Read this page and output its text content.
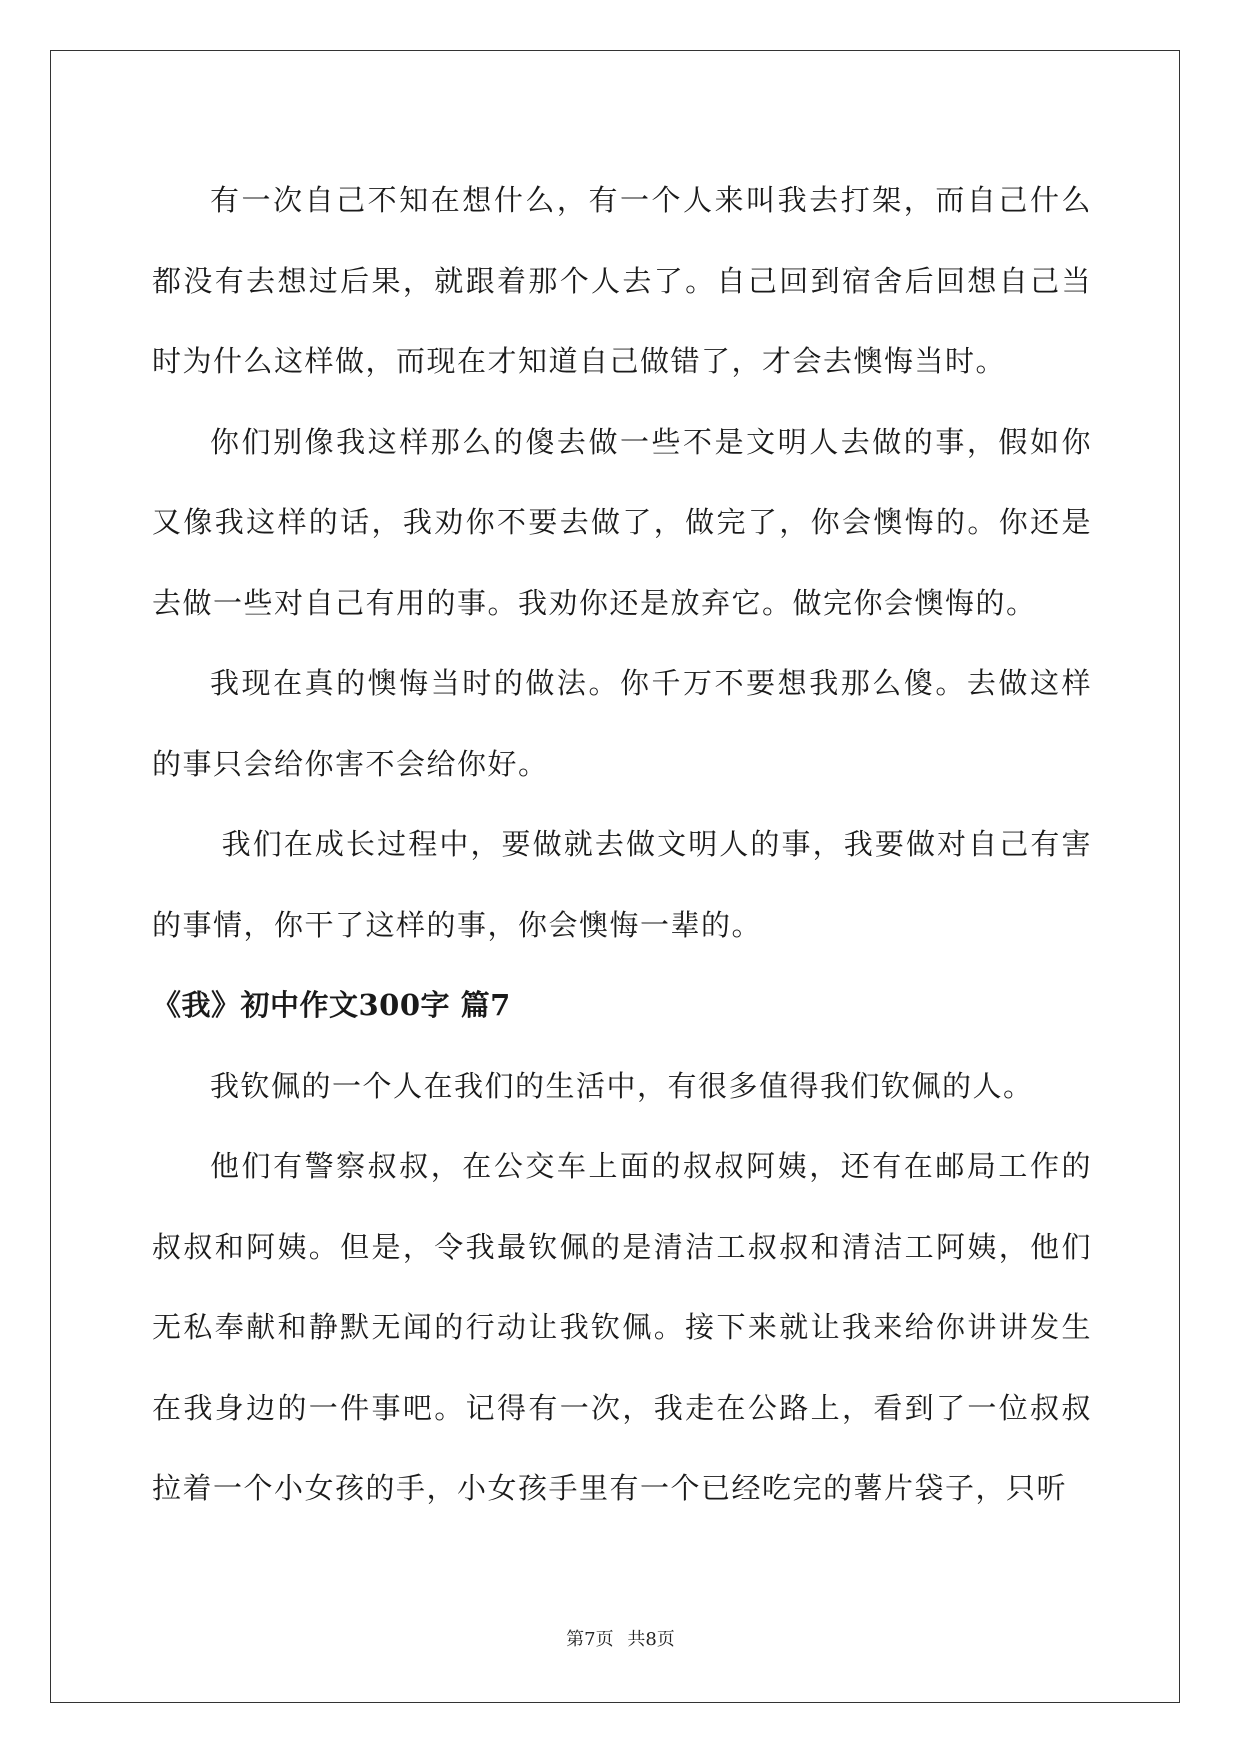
有一次自己不知在想什么，有一个人来叫我去打架，而自己什么都没有去想过后果，就跟着那个人去了。自己回到宿舍后回想自己当时为什么这样做，而现在才知道自己做错了，才会去懊悔当时。

你们别像我这样那么的傻去做一些不是文明人去做的事，假如你又像我这样的话，我劝你不要去做了，做完了，你会懊悔的。你还是去做一些对自己有用的事。我劝你还是放弃它。做完你会懊悔的。

我现在真的懊悔当时的做法。你千万不要想我那么傻。去做这样的事只会给你害不会给你好。

我们在成长过程中，要做就去做文明人的事，我要做对自己有害的事情，你干了这样的事，你会懊悔一辈的。

《我》初中作文300字 篇7

我钦佩的一个人在我们的生活中，有很多值得我们钦佩的人。

他们有警察叔叔，在公交车上面的叔叔阿姨，还有在邮局工作的叔叔和阿姨。但是，令我最钦佩的是清洁工叔叔和清洁工阿姨，他们无私奉献和静默无闻的行动让我钦佩。接下来就让我来给你讲讲发生在我身边的一件事吧。记得有一次，我走在公路上，看到了一位叔叔拉着一个小女孩的手，小女孩手里有一个已经吃完的薯片袋子，只听

第7页 共8页
